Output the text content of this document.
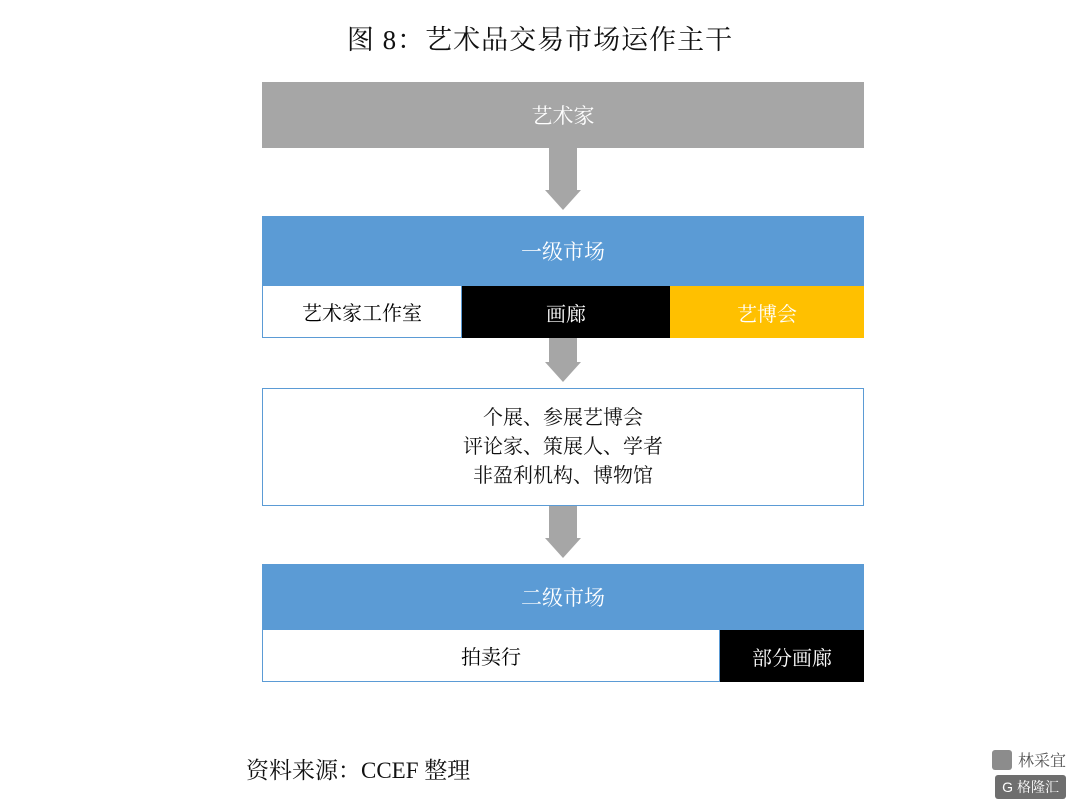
图 8：艺术品交易市场运作主干
艺术家
一级市场
艺术家工作室	画廊	艺博会
个展、参展艺博会
评论家、策展人、学者
非盈利机构、博物馆
二级市场
拍卖行	部分画廊
资料来源：CCEF 整理	林采宜
G 格隆汇
